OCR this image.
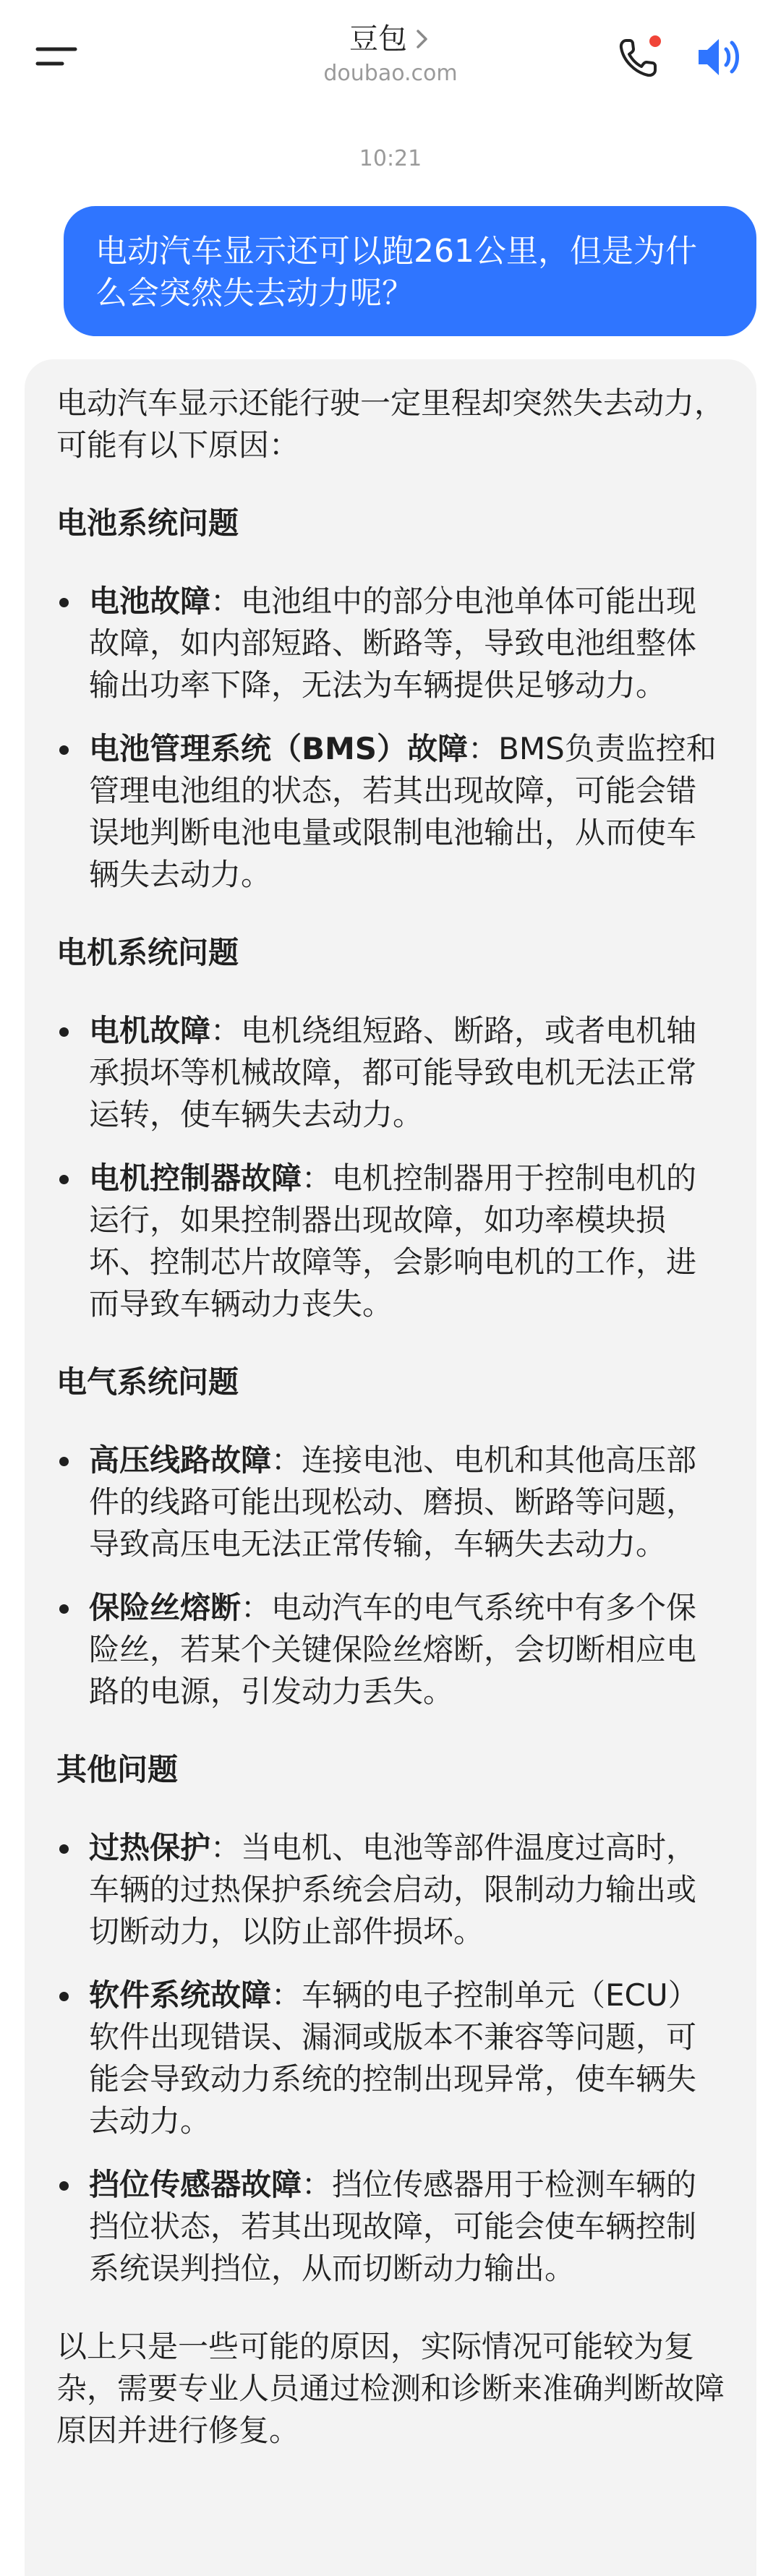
豆包
doubao.com
10:21
电动汽车显示还可以跑261公里，但是为什么会突然失去动力呢？

电动汽车显示还能行驶一定里程却突然失去动力，可能有以下原因：

电池系统问题

电池故障：电池组中的部分电池单体可能出现故障，如内部短路、断路等，导致电池组整体输出功率下降，无法为车辆提供足够动力。
电池管理系统（BMS）故障：BMS负责监控和管理电池组的状态，若其出现故障，可能会错误地判断电池电量或限制电池输出，从而使车辆失去动力。

电机系统问题

电机故障：电机绕组短路、断路，或者电机轴承损坏等机械故障，都可能导致电机无法正常运转，使车辆失去动力。
电机控制器故障：电机控制器用于控制电机的运行，如果控制器出现故障，如功率模块损坏、控制芯片故障等，会影响电机的工作，进而导致车辆动力丧失。

电气系统问题

高压线路故障：连接电池、电机和其他高压部件的线路可能出现松动、磨损、断路等问题，导致高压电无法正常传输，车辆失去动力。
保险丝熔断：电动汽车的电气系统中有多个保险丝，若某个关键保险丝熔断，会切断相应电路的电源，引发动力丢失。

其他问题

过热保护：当电机、电池等部件温度过高时，车辆的过热保护系统会启动，限制动力输出或切断动力，以防止部件损坏。
软件系统故障：车辆的电子控制单元（ECU）软件出现错误、漏洞或版本不兼容等问题，可能会导致动力系统的控制出现异常，使车辆失去动力。
挡位传感器故障：挡位传感器用于检测车辆的挡位状态，若其出现故障，可能会使车辆控制系统误判挡位，从而切断动力输出。

以上只是一些可能的原因，实际情况可能较为复杂，需要专业人员通过检测和诊断来准确判断故障原因并进行修复。
